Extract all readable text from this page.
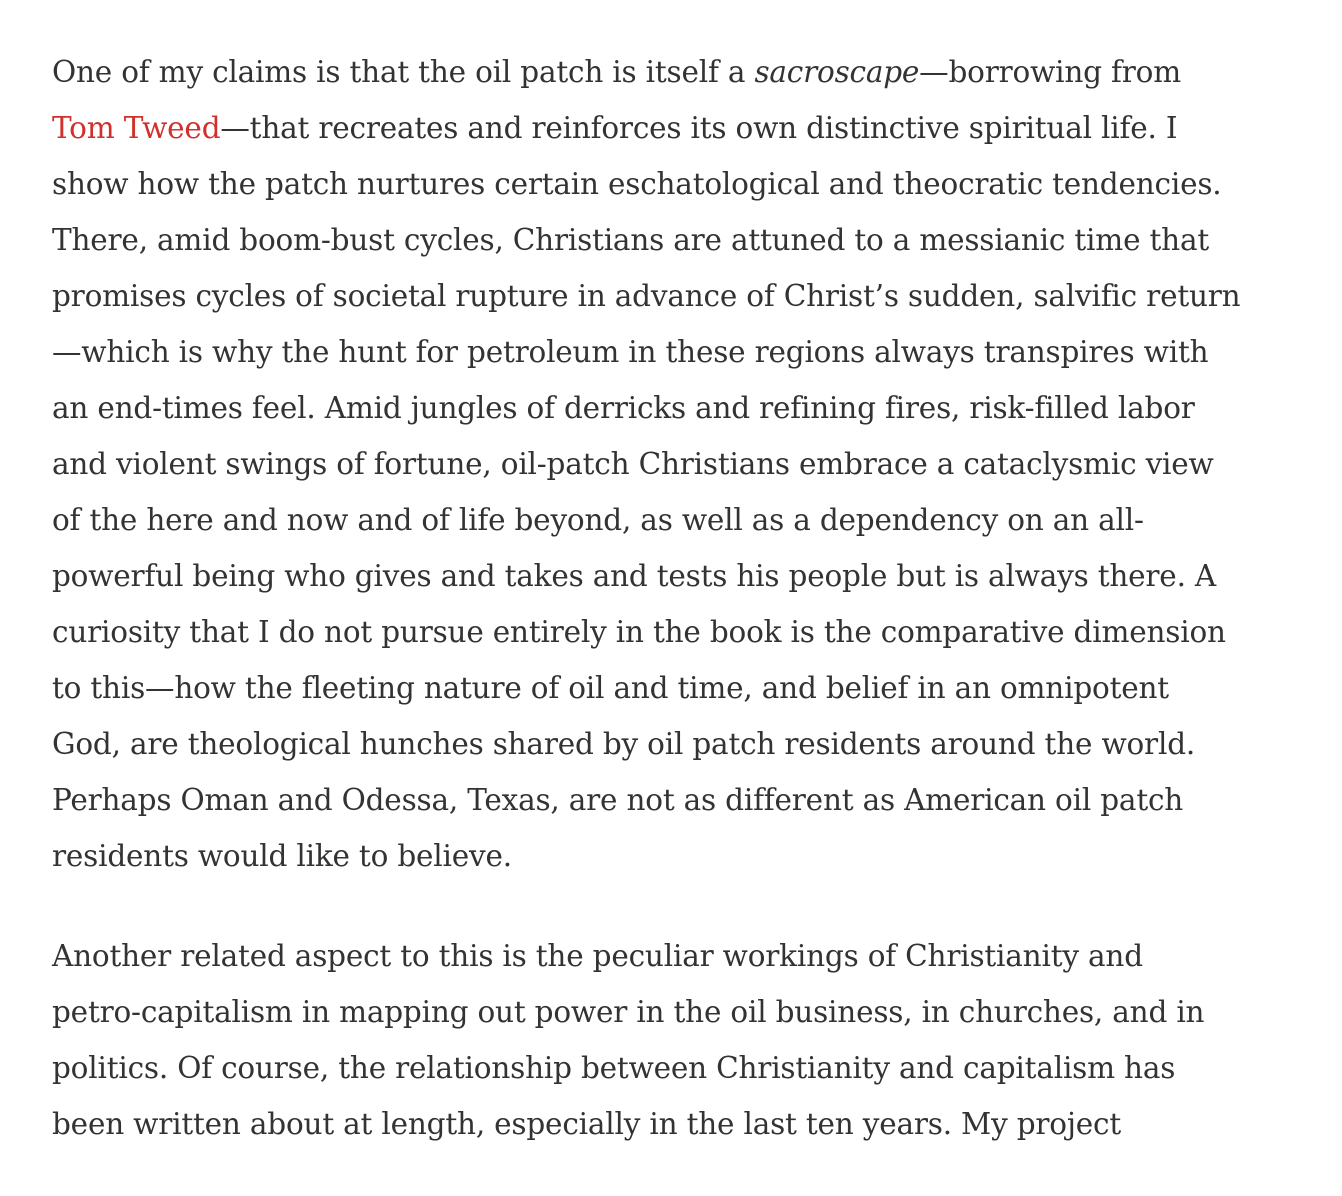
One of my claims is that the oil patch is itself a sacroscape—borrowing from
Tom Tweed—that recreates and reinforces its own distinctive spiritual life. I
show how the patch nurtures certain eschatological and theocratic tendencies.
There, amid boom-bust cycles, Christians are attuned to a messianic time that
promises cycles of societal rupture in advance of Christ’s sudden, salvific return
—which is why the hunt for petroleum in these regions always transpires with
an end-times feel. Amid jungles of derricks and refining fires, risk-filled labor
and violent swings of fortune, oil-patch Christians embrace a cataclysmic view
of the here and now and of life beyond, as well as a dependency on an all-
powerful being who gives and takes and tests his people but is always there. A
curiosity that I do not pursue entirely in the book is the comparative dimension
to this—how the fleeting nature of oil and time, and belief in an omnipotent
God, are theological hunches shared by oil patch residents around the world.
Perhaps Oman and Odessa, Texas, are not as different as American oil patch
residents would like to believe.

Another related aspect to this is the peculiar workings of Christianity and
petro-capitalism in mapping out power in the oil business, in churches, and in
politics. Of course, the relationship between Christianity and capitalism has
been written about at length, especially in the last ten years. My project
